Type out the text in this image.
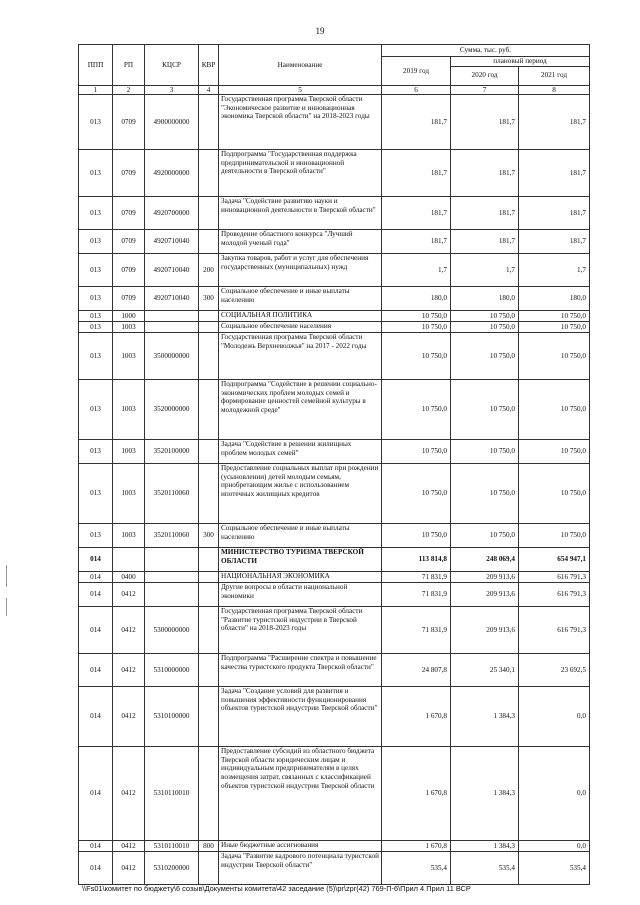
19
ППП	РП	КЦСР	КВР	Наименование	Сумма, тыс. руб.		
					2019 год	плановый период	
						2020 год	2021 год
1	2	3	4	5	6	7	8
013	0709	4900000000		Государственная программа Тверской области "Экономическое развитие и инновационная экономика Тверской области" на 2018-2023 годы	181,7	181,7	181,7
013	0709	4920000000		Подпрограмма "Государственная поддержка предпринимательской и инновационной деятельности в Тверской области"	181,7	181,7	181,7
013	0709	4920700000		Задача "Содействие развитию науки и инновационной деятельности в Тверской области"	181,7	181,7	181,7
013	0709	4920710040		Проведение областного конкурса "Лучший молодой ученый года"	181,7	181,7	181,7
013	0709	4920710040	200	Закупка товаров, работ и услуг для обеспечения государственных (муниципальных) нужд	1,7	1,7	1,7
013	0709	4920710040	300	Социальное обеспечение и иные выплаты населению	180,0	180,0	180,0
013	1000			СОЦИАЛЬНАЯ ПОЛИТИКА	10 750,0	10 750,0	10 750,0
013	1003			Социальное обеспечение населения	10 750,0	10 750,0	10 750,0
013	1003	3500000000		Государственная программа Тверской области "Молодежь Верхневолжья" на 2017 - 2022 годы	10 750,0	10 750,0	10 750,0
013	1003	3520000000		Подпрограмма "Содействие в решении социально-экономических проблем молодых семей и формирование ценностей семейной культуры в молодежной среде"	10 750,0	10 750,0	10 750,0
013	1003	3520100000		Задача "Содействие в решении жилищных проблем молодых семей"	10 750,0	10 750,0	10 750,0
013	1003	3520110060		Предоставление социальных выплат при рождении (усыновлении) детей молодым семьям, приобретающим жилье с использованием ипотечных жилищных кредитов	10 750,0	10 750,0	10 750,0
013	1003	3520110060	300	Социальное обеспечение и иные выплаты населению	10 750,0	10 750,0	10 750,0
014				МИНИСТЕРСТВО ТУРИЗМА ТВЕРСКОЙ ОБЛАСТИ	113 814,8	248 069,4	654 947,1
014	0400			НАЦИОНАЛЬНАЯ ЭКОНОМИКА	71 831,9	209 913,6	616 791,3
014	0412			Другие вопросы в области национальной экономики	71 831,9	209 913,6	616 791,3
014	0412	5300000000		Государственная программа Тверской области "Развитие туристской индустрии в Тверской области" на 2018-2023 годы	71 831,9	209 913,6	616 791,3
014	0412	5310000000		Подпрограмма "Расширение спектра и повышение качества туристского продукта Тверской области"	24 807,8	25 340,1	23 692,5
014	0412	5310100000		Задача "Создание условий для развития и повышения эффективности функционирования объектов туристской индустрии Тверской области"	1 670,8	1 384,3	0,0
014	0412	5310110010		Предоставление субсидий из областного бюджета Тверской области юридическим лицам и индивидуальным предпринимателям в целях возмещения затрат, связанных с классификацией объектов туристской индустрии Тверской области	1 670,8	1 384,3	0,0
014	0412	5310110010	800	Иные бюджетные ассигнования	1 670,8	1 384,3	0,0
014	0412	5310200000		Задача "Развитие кадрового потенциала туристской индустрии Тверской области"	535,4	535,4	535,4
\\Fs01\комитет по бюджету\6 созыв\Документы комитета\42 заседание (5)\pr\zpr(42) 769-П-6\Прил 4 Прил 11 ВСР
